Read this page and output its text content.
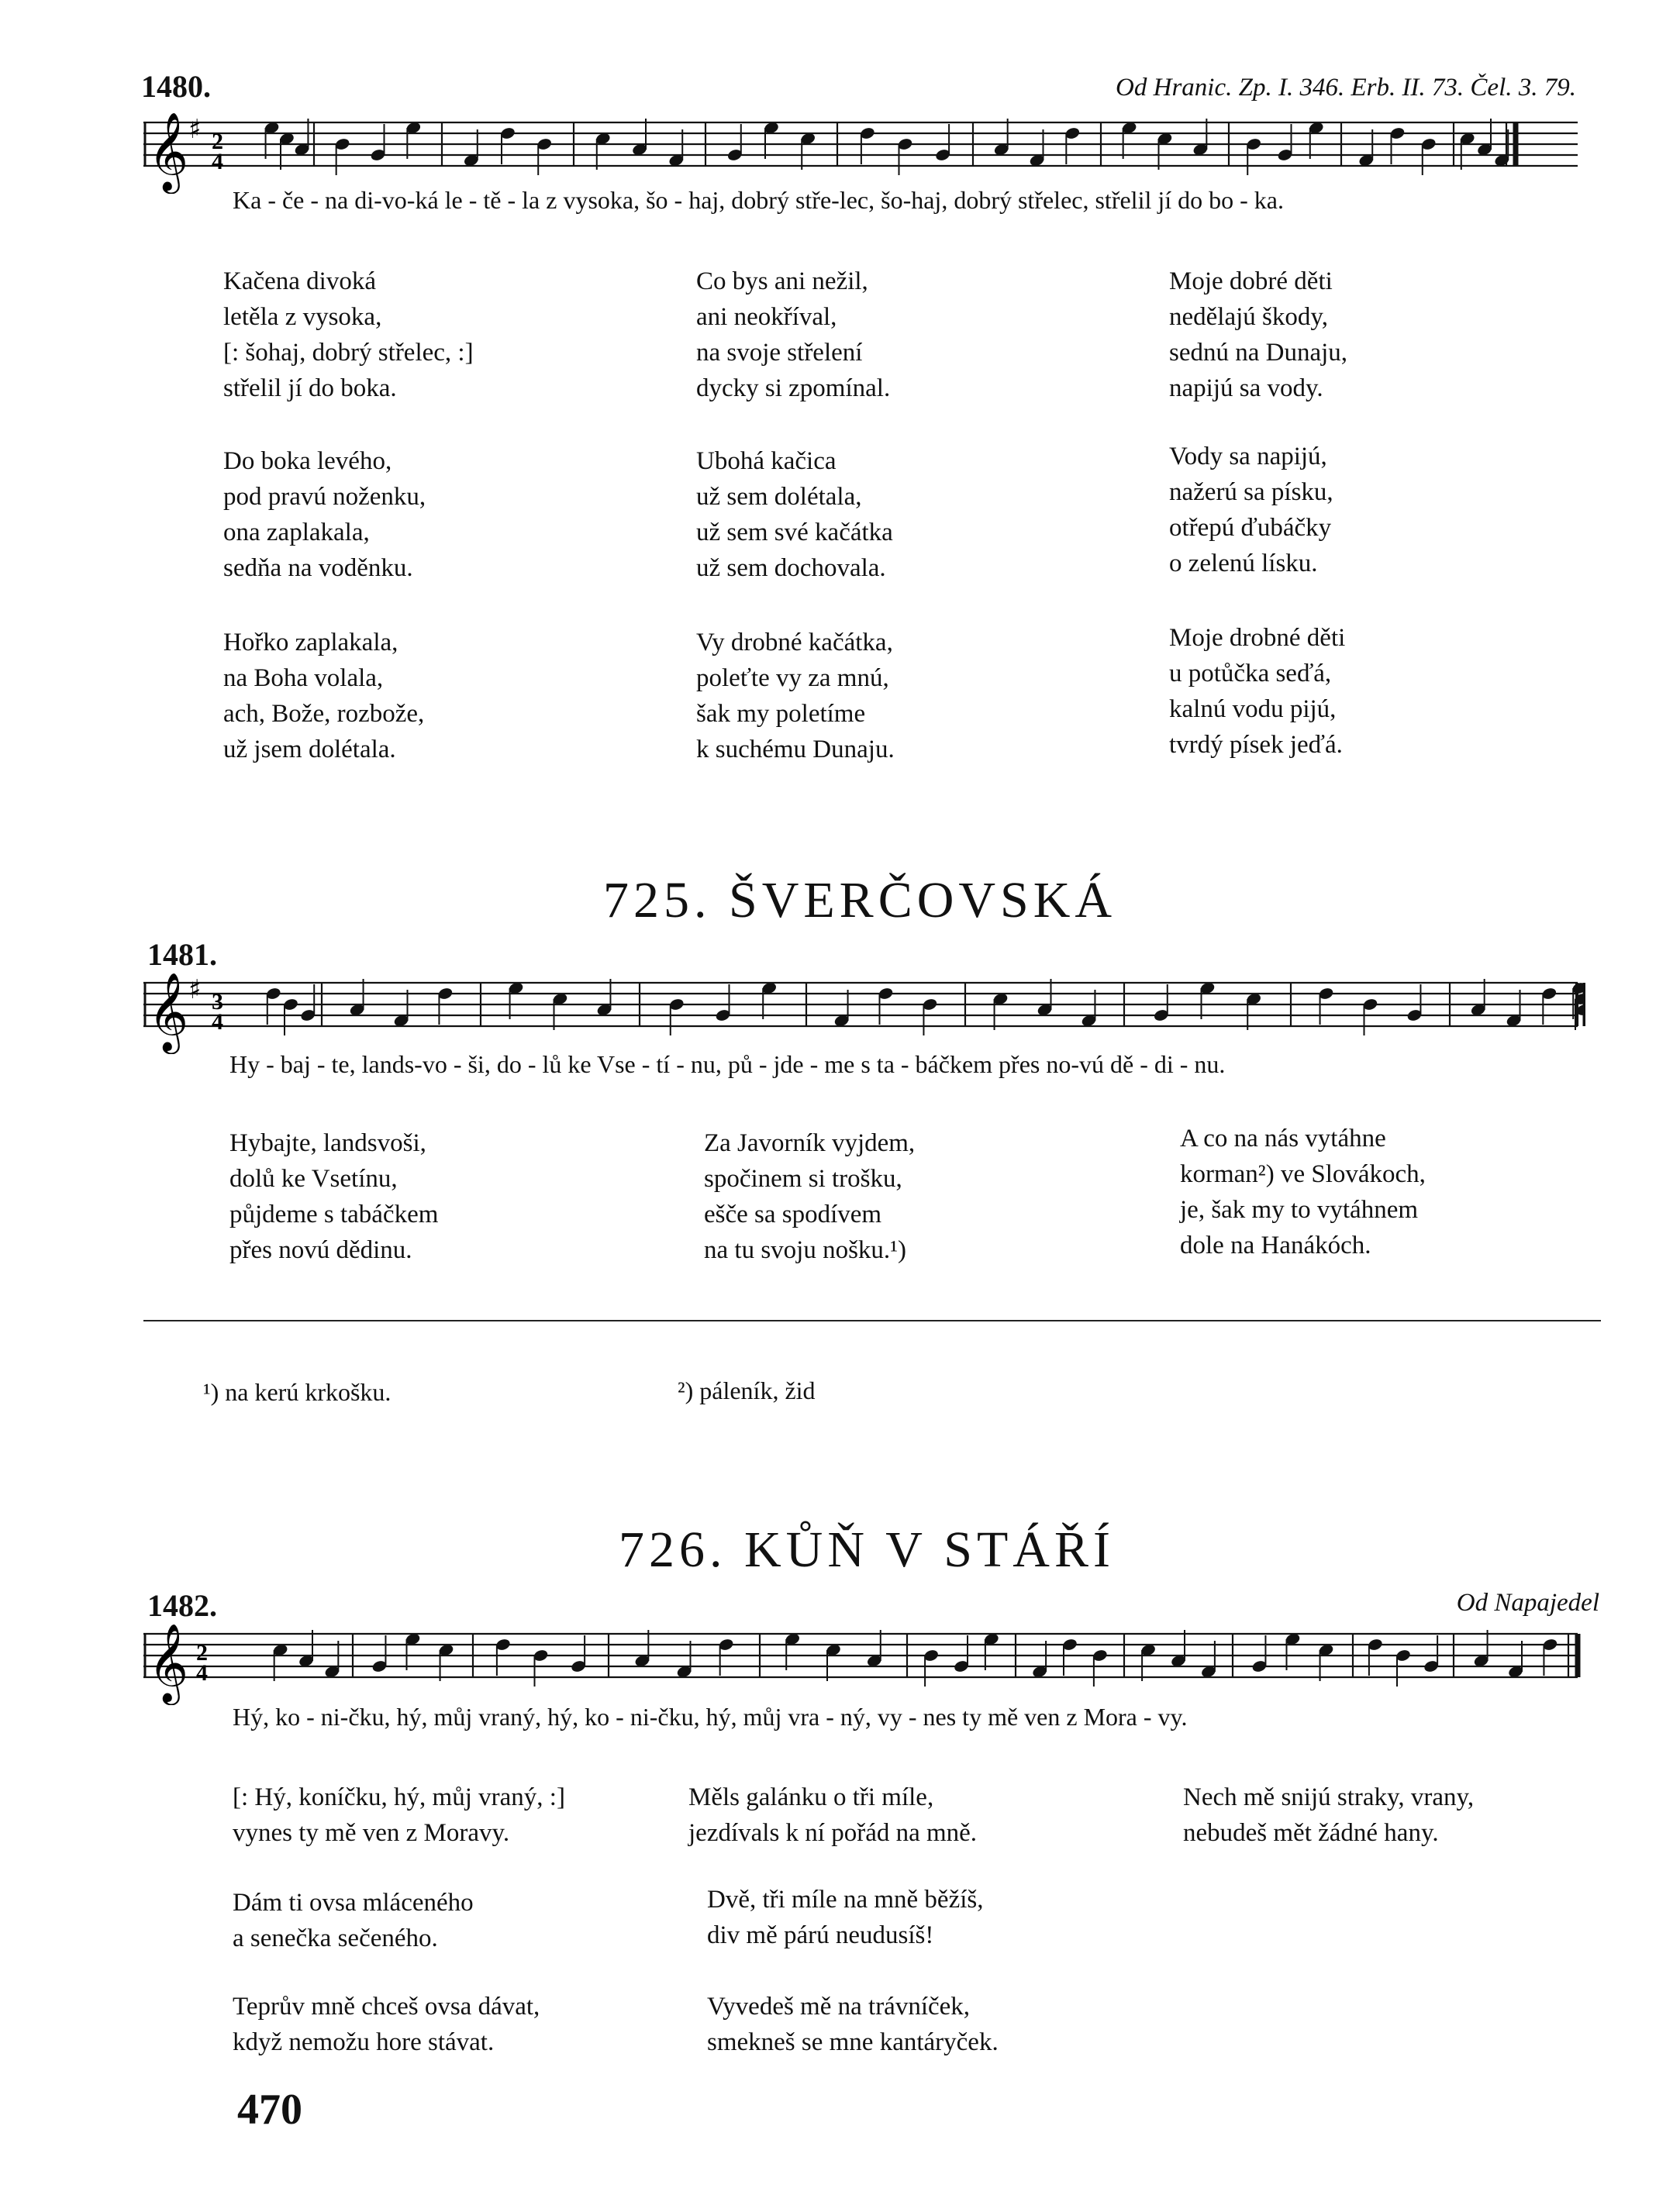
1480.	Od Hranic. Zp. I. 346. Erb. II. 73. Čel. 3. 79.
𝄞 ♯ 2
4
Ka - če - na di-vo-ká le - tě - la z vysoka, šo - haj, dobrý stře-lec, šo-haj, dobrý střelec, střelil jí do bo - ka.
Kačena divoká
letěla z vysoka,
[: šohaj, dobrý střelec, :]
střelil jí do boka.
Co bys ani nežil,
ani neokříval,
na svoje střelení
dycky si zpomínal.
Moje dobré děti
nedělajú škody,
sednú na Dunaju,
napijú sa vody.
Do boka levého,
pod pravú noženku,
ona zaplakala,
sedňa na voděnku.
Ubohá kačica
už sem dolétala,
už sem své kačátka
už sem dochovala.
Vody sa napijú,
nažerú sa písku,
otřepú ďubáčky
o zelenú lísku.
Hořko zaplakala,
na Boha volala,
ach, Bože, rozbože,
už jsem dolétala.
Vy drobné kačátka,
poleťte vy za mnú,
šak my poletíme
k suchému Dunaju.
Moje drobné děti
u potůčka seďá,
kalnú vodu pijú,
tvrdý písek jeďá.
725. ŠVERČOVSKÁ
1481.
𝄞 ♯ 3
4
Hy - baj - te, lands-vo - ši, do - lů ke Vse - tí - nu, pů - jde - me s ta - báčkem přes no-vú dě - di - nu.
Hybajte, landsvoši,
dolů ke Vsetínu,
půjdeme s tabáčkem
přes novú dědinu.
Za Javorník vyjdem,
spočinem si trošku,
ešče sa spodívem
na tu svoju nošku.¹)
A co na nás vytáhne
korman²) ve Slovákoch,
je, šak my to vytáhnem
dole na Hanákóch.
¹) na kerú krkošku.	²) páleník, žid
726. KŮŇ V STÁŘÍ
1482.	Od Napajedel
𝄞 2
4
Hý, ko - ni-čku, hý, můj vraný, hý, ko - ni-čku, hý, můj vra - ný, vy - nes ty mě ven z Mora - vy.
[: Hý, koníčku, hý, můj vraný, :]
vynes ty mě ven z Moravy.
Měls galánku o tři míle,
jezdívals k ní pořád na mně.
Nech mě snijú straky, vrany,
nebudeš mět žádné hany.
Dám ti ovsa mláceného
a senečka sečeného.
Dvě, tři míle na mně běžíš,
div mě párú neudusíš!
Teprův mně chceš ovsa dávat,
když nemožu hore stávat.
Vyvedeš mě na trávníček,
smekneš se mne kantáryček.
470
